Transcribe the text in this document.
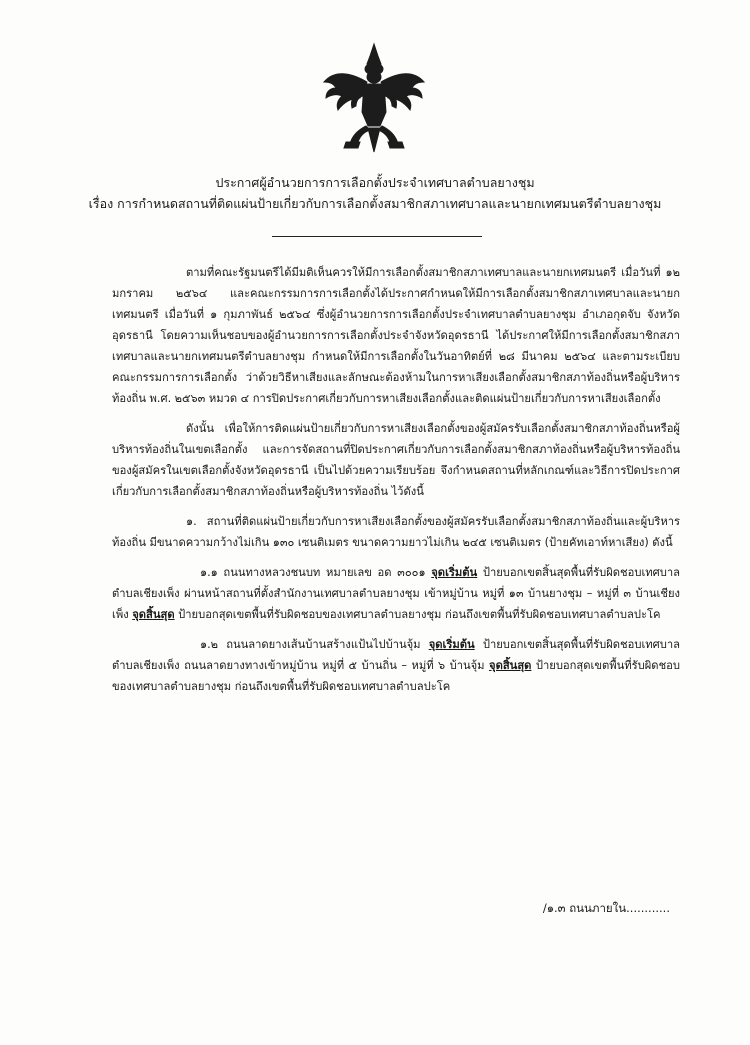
ประกาศผู้อำนวยการการเลือกตั้งประจำเทศบาลตำบลยางชุม
เรื่อง การกำหนดสถานที่ติดแผ่นป้ายเกี่ยวกับการเลือกตั้งสมาชิกสภาเทศบาลและนายกเทศมนตรีตำบลยางชุม

ตามที่คณะรัฐมนตรีได้มีมติเห็นควรให้มีการเลือกตั้งสมาชิกสภาเทศบาลและนายกเทศมนตรี เมื่อวันที่ ๑๒ มกราคม ๒๕๖๔ และคณะกรรมการการเลือกตั้งได้ประกาศกำหนดให้มีการเลือกตั้งสมาชิกสภาเทศบาลและนายกเทศมนตรี เมื่อวันที่ ๑ กุมภาพันธ์ ๒๕๖๔ ซึ่งผู้อำนวยการการเลือกตั้งประจำเทศบาลตำบลยางชุม อำเภอกุดจับ จังหวัดอุดรธานี โดยความเห็นชอบของผู้อำนวยการการเลือกตั้งประจำจังหวัดอุดรธานี ได้ประกาศให้มีการเลือกตั้งสมาชิกสภาเทศบาลและนายกเทศมนตรีตำบลยางชุม กำหนดให้มีการเลือกตั้งในวันอาทิตย์ที่ ๒๘ มีนาคม ๒๕๖๔ และตามระเบียบคณะกรรมการการเลือกตั้ง ว่าด้วยวิธีหาเสียงและลักษณะต้องห้ามในการหาเสียงเลือกตั้งสมาชิกสภาท้องถิ่นหรือผู้บริหารท้องถิ่น พ.ศ. ๒๕๖๓ หมวด ๔ การปิดประกาศเกี่ยวกับการหาเสียงเลือกตั้งและติดแผ่นป้ายเกี่ยวกับการหาเสียงเลือกตั้ง

ดังนั้น เพื่อให้การติดแผ่นป้ายเกี่ยวกับการหาเสียงเลือกตั้งของผู้สมัครรับเลือกตั้งสมาชิกสภาท้องถิ่นหรือผู้บริหารท้องถิ่นในเขตเลือกตั้ง และการจัดสถานที่ปิดประกาศเกี่ยวกับการเลือกตั้งสมาชิกสภาท้องถิ่นหรือผู้บริหารท้องถิ่นของผู้สมัครในเขตเลือกตั้งจังหวัดอุดรธานี เป็นไปด้วยความเรียบร้อย จึงกำหนดสถานที่หลักเกณฑ์และวิธีการปิดประกาศเกี่ยวกับการเลือกตั้งสมาชิกสภาท้องถิ่นหรือผู้บริหารท้องถิ่น ไว้ดังนี้

๑. สถานที่ติดแผ่นป้ายเกี่ยวกับการหาเสียงเลือกตั้งของผู้สมัครรับเลือกตั้งสมาชิกสภาท้องถิ่นและผู้บริหารท้องถิ่น มีขนาดความกว้างไม่เกิน ๑๓๐ เซนติเมตร ขนาดความยาวไม่เกิน ๒๔๕ เซนติเมตร (ป้ายคัทเอาท์หาเสียง) ดังนี้

๑.๑ ถนนทางหลวงชนบท หมายเลข อด ๓๐๐๑ จุดเริ่มต้น ป้ายบอกเขตสิ้นสุดพื้นที่รับผิดชอบเทศบาลตำบลเชียงเพ็ง ผ่านหน้าสถานที่ตั้งสำนักงานเทศบาลตำบลยางชุม เข้าหมู่บ้าน หมู่ที่ ๑๓ บ้านยางชุม – หมู่ที่ ๓ บ้านเชียงเพ็ง จุดสิ้นสุด ป้ายบอกสุดเขตพื้นที่รับผิดชอบของเทศบาลตำบลยางชุม ก่อนถึงเขตพื้นที่รับผิดชอบเทศบาลตำบลปะโค

๑.๒ ถนนลาดยางเส้นบ้านสร้างแป้นไปบ้านจุ้ม จุดเริ่มต้น ป้ายบอกเขตสิ้นสุดพื้นที่รับผิดชอบเทศบาลตำบลเชียงเพ็ง ถนนลาดยางทางเข้าหมู่บ้าน หมู่ที่ ๕ บ้านถิ่น – หมู่ที่ ๖ บ้านจุ้ม จุดสิ้นสุด ป้ายบอกสุดเขตพื้นที่รับผิดชอบของเทศบาลตำบลยางชุม ก่อนถึงเขตพื้นที่รับผิดชอบเทศบาลตำบลปะโค

/๑.๓ ถนนภายใน............
